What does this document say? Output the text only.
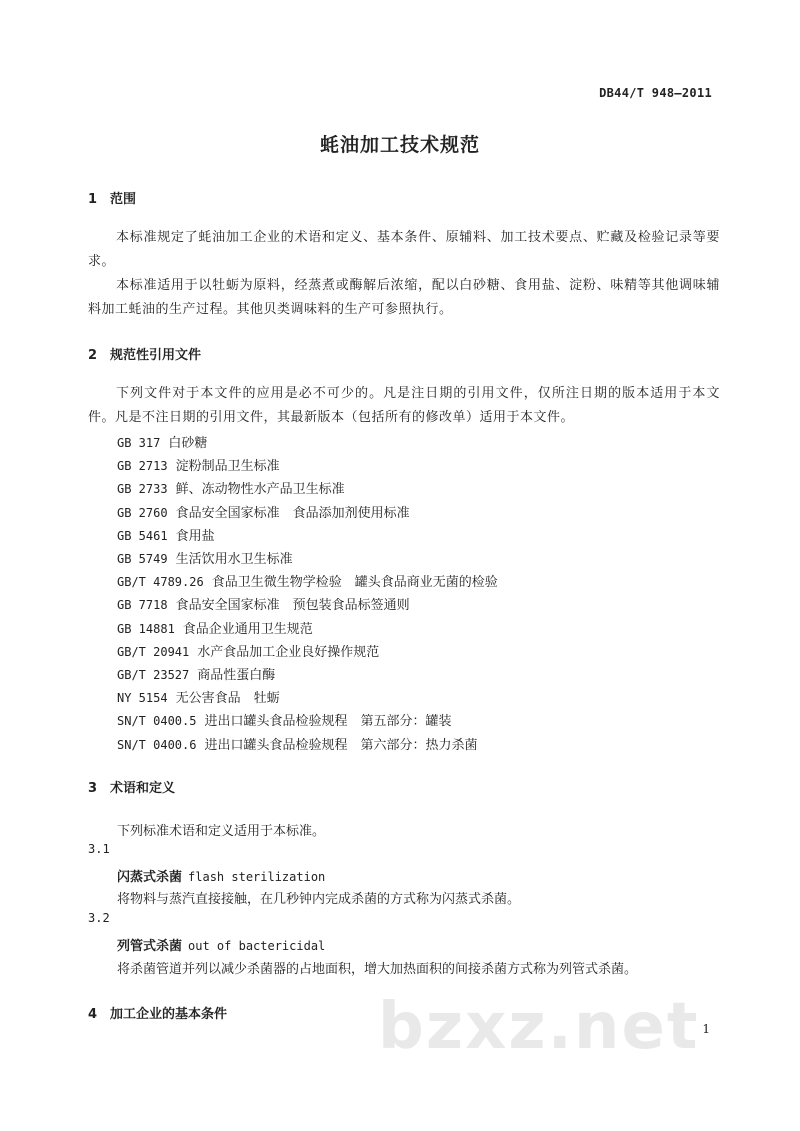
bzxz.net
DB44/T 948—2011
蚝油加工技术规范
1 范围
本标准规定了蚝油加工企业的术语和定义、基本条件、原辅料、加工技术要点、贮藏及检验记录等要求。
本标准适用于以牡蛎为原料，经蒸煮或酶解后浓缩，配以白砂糖、食用盐、淀粉、味精等其他调味辅料加工蚝油的生产过程。其他贝类调味料的生产可参照执行。
2 规范性引用文件
下列文件对于本文件的应用是必不可少的。凡是注日期的引用文件，仅所注日期的版本适用于本文件。凡是不注日期的引用文件，其最新版本（包括所有的修改单）适用于本文件。
GB 317 白砂糖
GB 2713 淀粉制品卫生标准
GB 2733 鲜、冻动物性水产品卫生标准
GB 2760 食品安全国家标准　食品添加剂使用标准
GB 5461 食用盐
GB 5749 生活饮用水卫生标准
GB/T 4789.26 食品卫生微生物学检验　罐头食品商业无菌的检验
GB 7718 食品安全国家标准　预包装食品标签通则
GB 14881 食品企业通用卫生规范
GB/T 20941 水产食品加工企业良好操作规范
GB/T 23527 商品性蛋白酶
NY 5154 无公害食品　牡蛎
SN/T 0400.5 进出口罐头食品检验规程　第五部分：罐装
SN/T 0400.6 进出口罐头食品检验规程　第六部分：热力杀菌
3 术语和定义
下列标准术语和定义适用于本标准。
3.1
闪蒸式杀菌 flash sterilization
将物料与蒸汽直接接触，在几秒钟内完成杀菌的方式称为闪蒸式杀菌。
3.2
列管式杀菌 out of bactericidal
将杀菌管道并列以减少杀菌器的占地面积，增大加热面积的间接杀菌方式称为列管式杀菌。
4 加工企业的基本条件
1
